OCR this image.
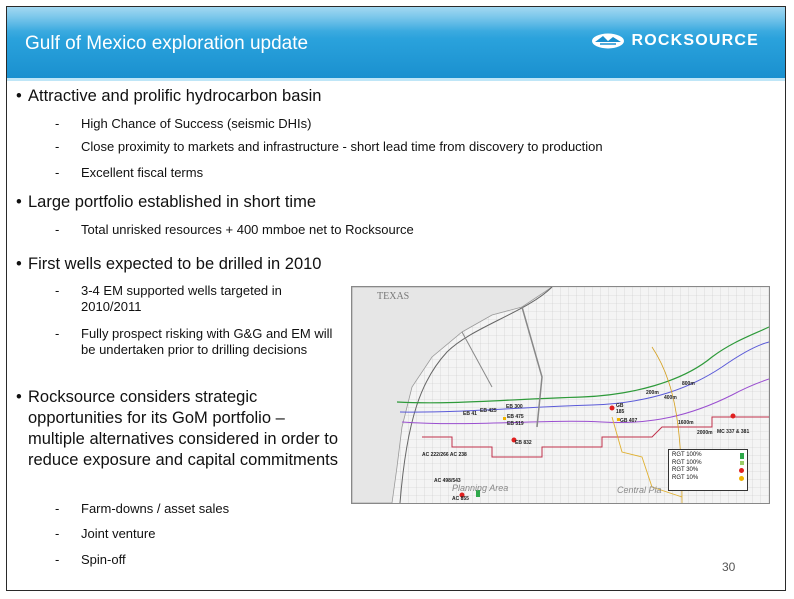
Gulf of Mexico exploration update	ROCKSOURCE
• Attractive and prolific hydrocarbon basin
- High Chance of Success (seismic DHIs)
- Close proximity to markets and infrastructure - short lead time from discovery to production
- Excellent fiscal terms
• Large portfolio established in short time
- Total unrisked resources + 400 mmboe net to Rocksource
• First wells expected to be drilled in 2010
- 3-4 EM supported wells targeted in 2010/2011
- Fully prospect risking with G&G and EM will be undertaken prior to drilling decisions
• Rocksource considers strategic opportunities for its GoM portfolio – multiple alternatives considered in order to reduce exposure and capital commitments
- Farm-downs / asset sales
- Joint venture
- Spin-off
TEXAS
Planning Area	Central Pla
800m
200m
400m
1600m
2000m
EB 300
EB 425
EB 41	EB 475
EB 519
EB 832
GB 185
GB 407
AC 222/266 AC 238
AC 498/543
AC 855
MC 337 & 381
RGT 100%
RGT 100%
RGT 30%
RGT 10%
30
